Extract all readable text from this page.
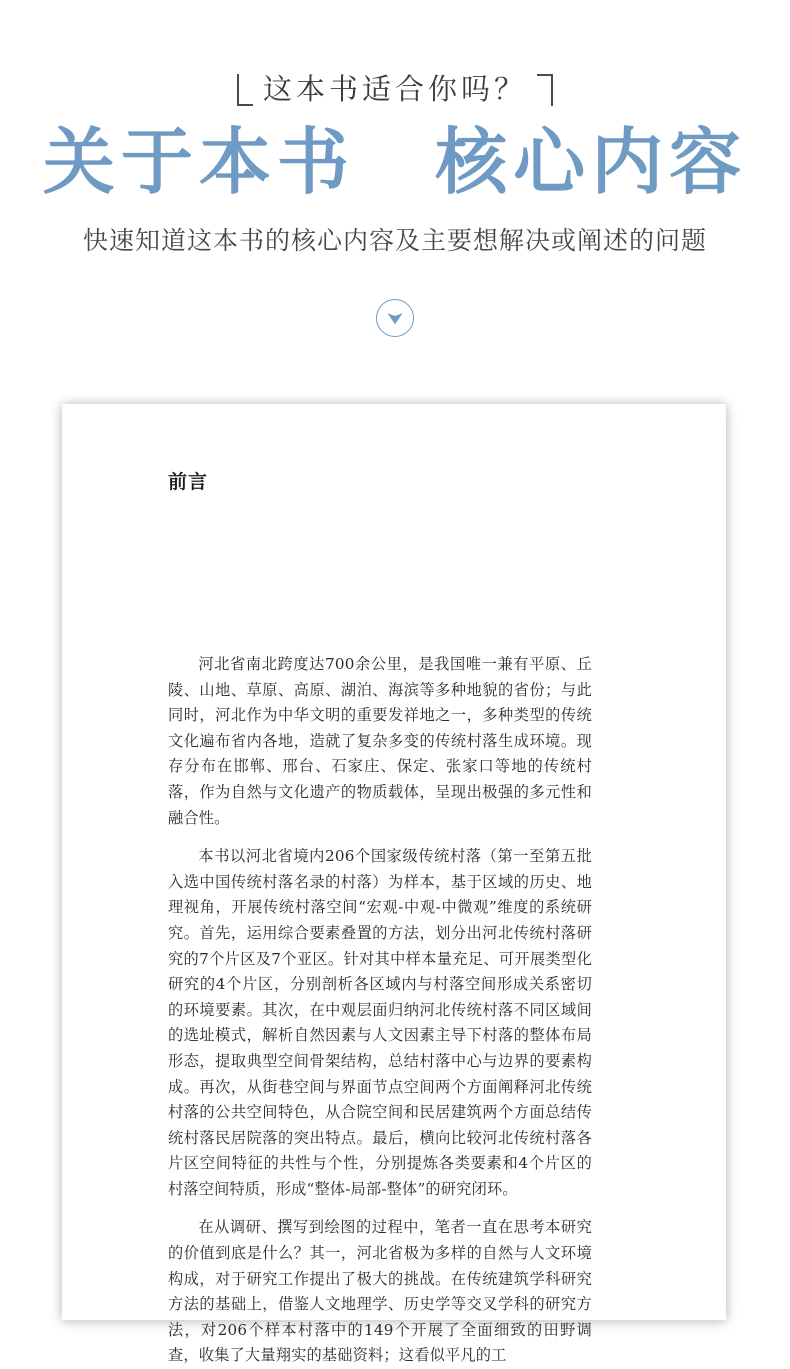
这本书适合你吗？
关于本书 核心内容
快速知道这本书的核心内容及主要想解决或阐述的问题
前言

河北省南北跨度达700余公里，是我国唯一兼有平原、丘陵、山地、草原、高原、湖泊、海滨等多种地貌的省份；与此同时，河北作为中华文明的重要发祥地之一，多种类型的传统文化遍布省内各地，造就了复杂多变的传统村落生成环境。现存分布在邯郸、邢台、石家庄、保定、张家口等地的传统村落，作为自然与文化遗产的物质载体，呈现出极强的多元性和融合性。

本书以河北省境内206个国家级传统村落（第一至第五批入选中国传统村落名录的村落）为样本，基于区域的历史、地理视角，开展传统村落空间“宏观-中观-中微观”维度的系统研究。首先，运用综合要素叠置的方法，划分出河北传统村落研究的7个片区及7个亚区。针对其中样本量充足、可开展类型化研究的4个片区，分别剖析各区域内与村落空间形成关系密切的环境要素。其次，在中观层面归纳河北传统村落不同区域间的选址模式，解析自然因素与人文因素主导下村落的整体布局形态，提取典型空间骨架结构，总结村落中心与边界的要素构成。再次，从街巷空间与界面节点空间两个方面阐释河北传统村落的公共空间特色，从合院空间和民居建筑两个方面总结传统村落民居院落的突出特点。最后，横向比较河北传统村落各片区空间特征的共性与个性，分别提炼各类要素和4个片区的村落空间特质，形成“整体-局部-整体”的研究闭环。

在从调研、撰写到绘图的过程中，笔者一直在思考本研究的价值到底是什么？其一，河北省极为多样的自然与人文环境构成，对于研究工作提出了极大的挑战。在传统建筑学科研究方法的基础上，借鉴人文地理学、历史学等交叉学科的研究方法，对206个样本村落中的149个开展了全面细致的田野调查，收集了大量翔实的基础资料；这看似平凡的工
